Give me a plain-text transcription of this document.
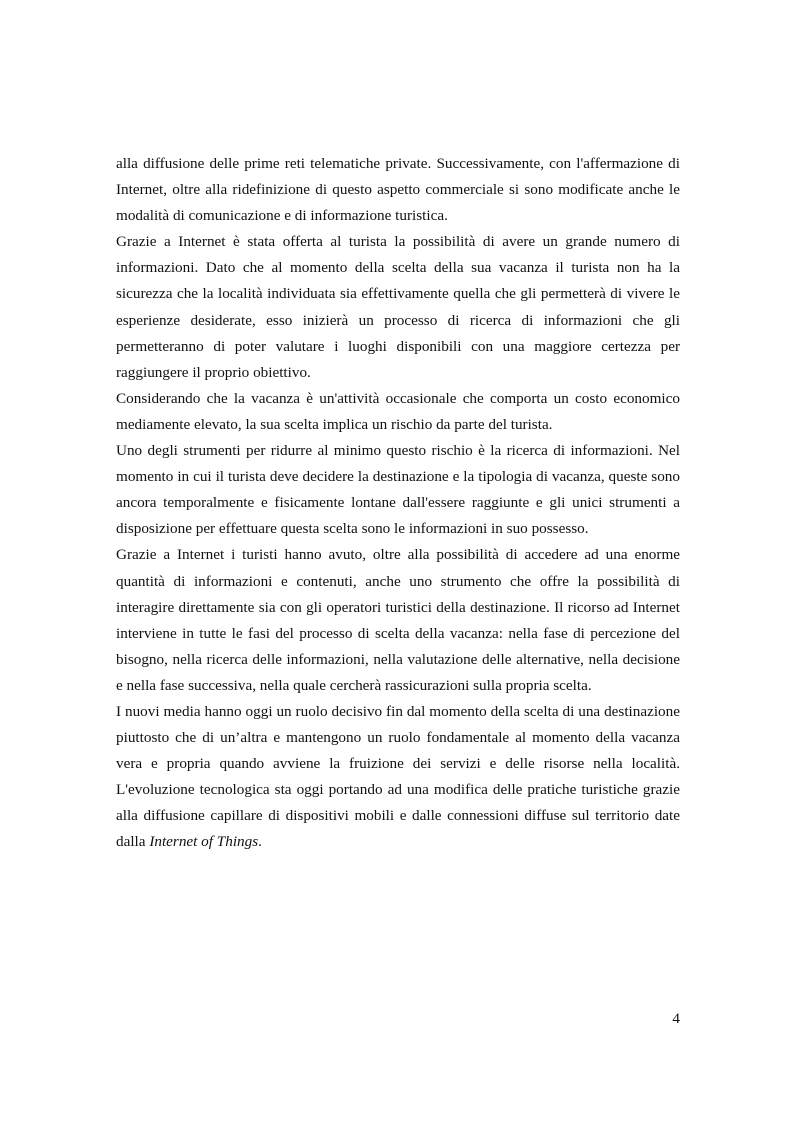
alla diffusione delle prime reti telematiche private. Successivamente, con l'affermazione di Internet, oltre alla ridefinizione di questo aspetto commerciale si sono modificate anche le modalità di comunicazione e di informazione turistica.

Grazie a Internet è stata offerta al turista la possibilità di avere un grande numero di informazioni. Dato che al momento della scelta della sua vacanza il turista non ha la sicurezza che la località individuata sia effettivamente quella che gli permetterà di vivere le esperienze desiderate, esso inizierà un processo di ricerca di informazioni che gli permetteranno di poter valutare i luoghi disponibili con una maggiore certezza per raggiungere il proprio obiettivo.

Considerando che la vacanza è un'attività occasionale che comporta un costo economico mediamente elevato, la sua scelta implica un rischio da parte del turista.

Uno degli strumenti per ridurre al minimo questo rischio è la ricerca di informazioni. Nel momento in cui il turista deve decidere la destinazione e la tipologia di vacanza, queste sono ancora temporalmente e fisicamente lontane dall'essere raggiunte e gli unici strumenti a disposizione per effettuare questa scelta sono le informazioni in suo possesso.

Grazie a Internet i turisti hanno avuto, oltre alla possibilità di accedere ad una enorme quantità di informazioni e contenuti, anche uno strumento che offre la possibilità di interagire direttamente sia con gli operatori turistici della destinazione. Il ricorso ad Internet interviene in tutte le fasi del processo di scelta della vacanza: nella fase di percezione del bisogno, nella ricerca delle informazioni, nella valutazione delle alternative, nella decisione e nella fase successiva, nella quale cercherà rassicurazioni sulla propria scelta.

I nuovi media hanno oggi un ruolo decisivo fin dal momento della scelta di una destinazione piuttosto che di un’altra e mantengono un ruolo fondamentale al momento della vacanza vera e propria quando avviene la fruizione dei servizi e delle risorse nella località. L'evoluzione tecnologica sta oggi portando ad una modifica delle pratiche turistiche grazie alla diffusione capillare di dispositivi mobili e dalle connessioni diffuse sul territorio date dalla Internet of Things.

4
